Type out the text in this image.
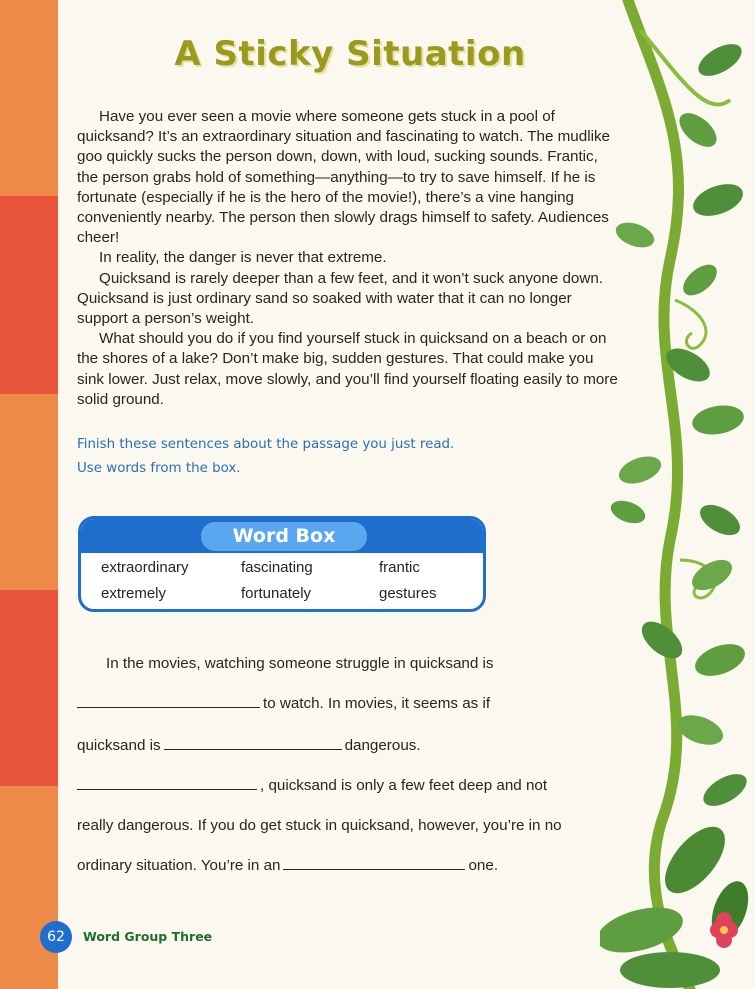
A Sticky Situation

Have you ever seen a movie where someone gets stuck in a pool of quicksand? It’s an extraordinary situation and fascinating to watch. The mudlike goo quickly sucks the person down, down, with loud, sucking sounds. Frantic, the person grabs hold of something—anything—to try to save himself. If he is fortunate (especially if he is the hero of the movie!), there’s a vine hanging conveniently nearby. The person then slowly drags himself to safety. Audiences cheer!

In reality, the danger is never that extreme.

Quicksand is rarely deeper than a few feet, and it won’t suck anyone down. Quicksand is just ordinary sand so soaked with water that it can no longer support a person’s weight.

What should you do if you find yourself stuck in quicksand on a beach or on the shores of a lake? Don’t make big, sudden gestures. That could make you sink lower. Just relax, move slowly, and you’ll find yourself floating easily to more solid ground.

Finish these sentences about the passage you just read.
Use words from the box.
Word Box
extraordinary	fascinating	frantic
extremely	fortunately	gestures
In the movies, watching someone struggle in quicksand is
to watch. In movies, it seems as if
quicksand is	dangerous.
, quicksand is only a few feet deep and not
really dangerous. If you do get stuck in quicksand, however, you’re in no
ordinary situation. You’re in an	one.
62	Word Group Three
